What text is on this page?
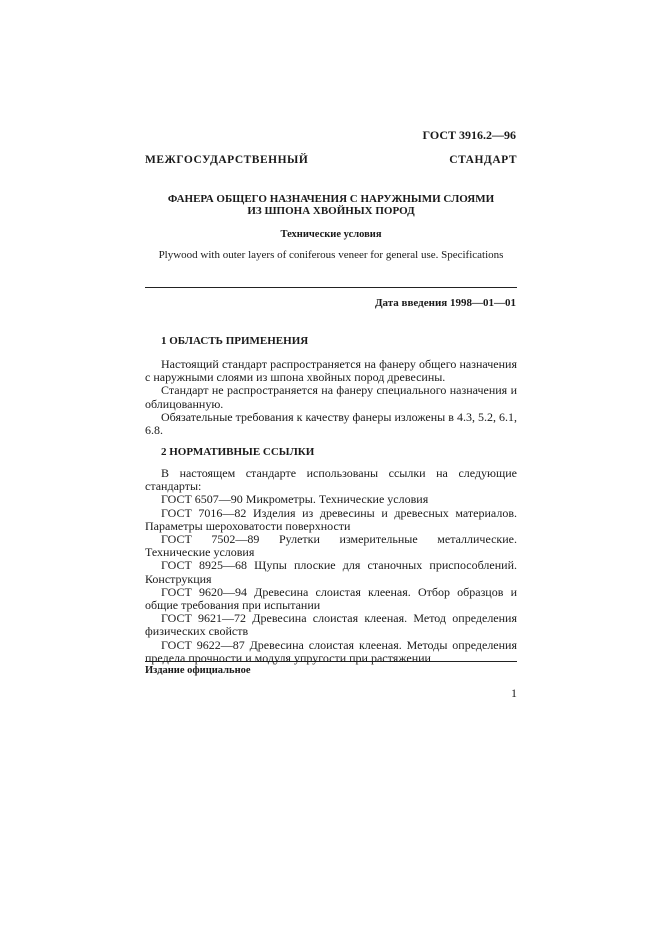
ГОСТ 3916.2—96
МЕЖГОСУДАРСТВЕННЫЙ СТАНДАРТ
ФАНЕРА ОБЩЕГО НАЗНАЧЕНИЯ С НАРУЖНЫМИ СЛОЯМИ
ИЗ ШПОНА ХВОЙНЫХ ПОРОД
Технические условия
Plywood with outer layers of coniferous veneer for general use. Specifications
Дата введения 1998—01—01
1 ОБЛАСТЬ ПРИМЕНЕНИЯ

Настоящий стандарт распространяется на фанеру общего назначения с наружными слоями из шпона хвойных пород древесины.

Стандарт не распространяется на фанеру специального назначения и облицованную.

Обязательные требования к качеству фанеры изложены в 4.3, 5.2, 6.1, 6.8.

2 НОРМАТИВНЫЕ ССЫЛКИ

В настоящем стандарте использованы ссылки на следующие стандарты:

ГОСТ 6507—90 Микрометры. Технические условия

ГОСТ 7016—82 Изделия из древесины и древесных материалов. Параметры шероховатости поверхности

ГОСТ 7502—89 Рулетки измерительные металлические. Технические условия

ГОСТ 8925—68 Щупы плоские для станочных приспособлений. Конструкция

ГОСТ 9620—94 Древесина слоистая клееная. Отбор образцов и общие требования при испытании

ГОСТ 9621—72 Древесина слоистая клееная. Метод определения физических свойств

ГОСТ 9622—87 Древесина слоистая клееная. Методы определения предела прочности и модуля упругости при растяжении

Издание официальное
1
